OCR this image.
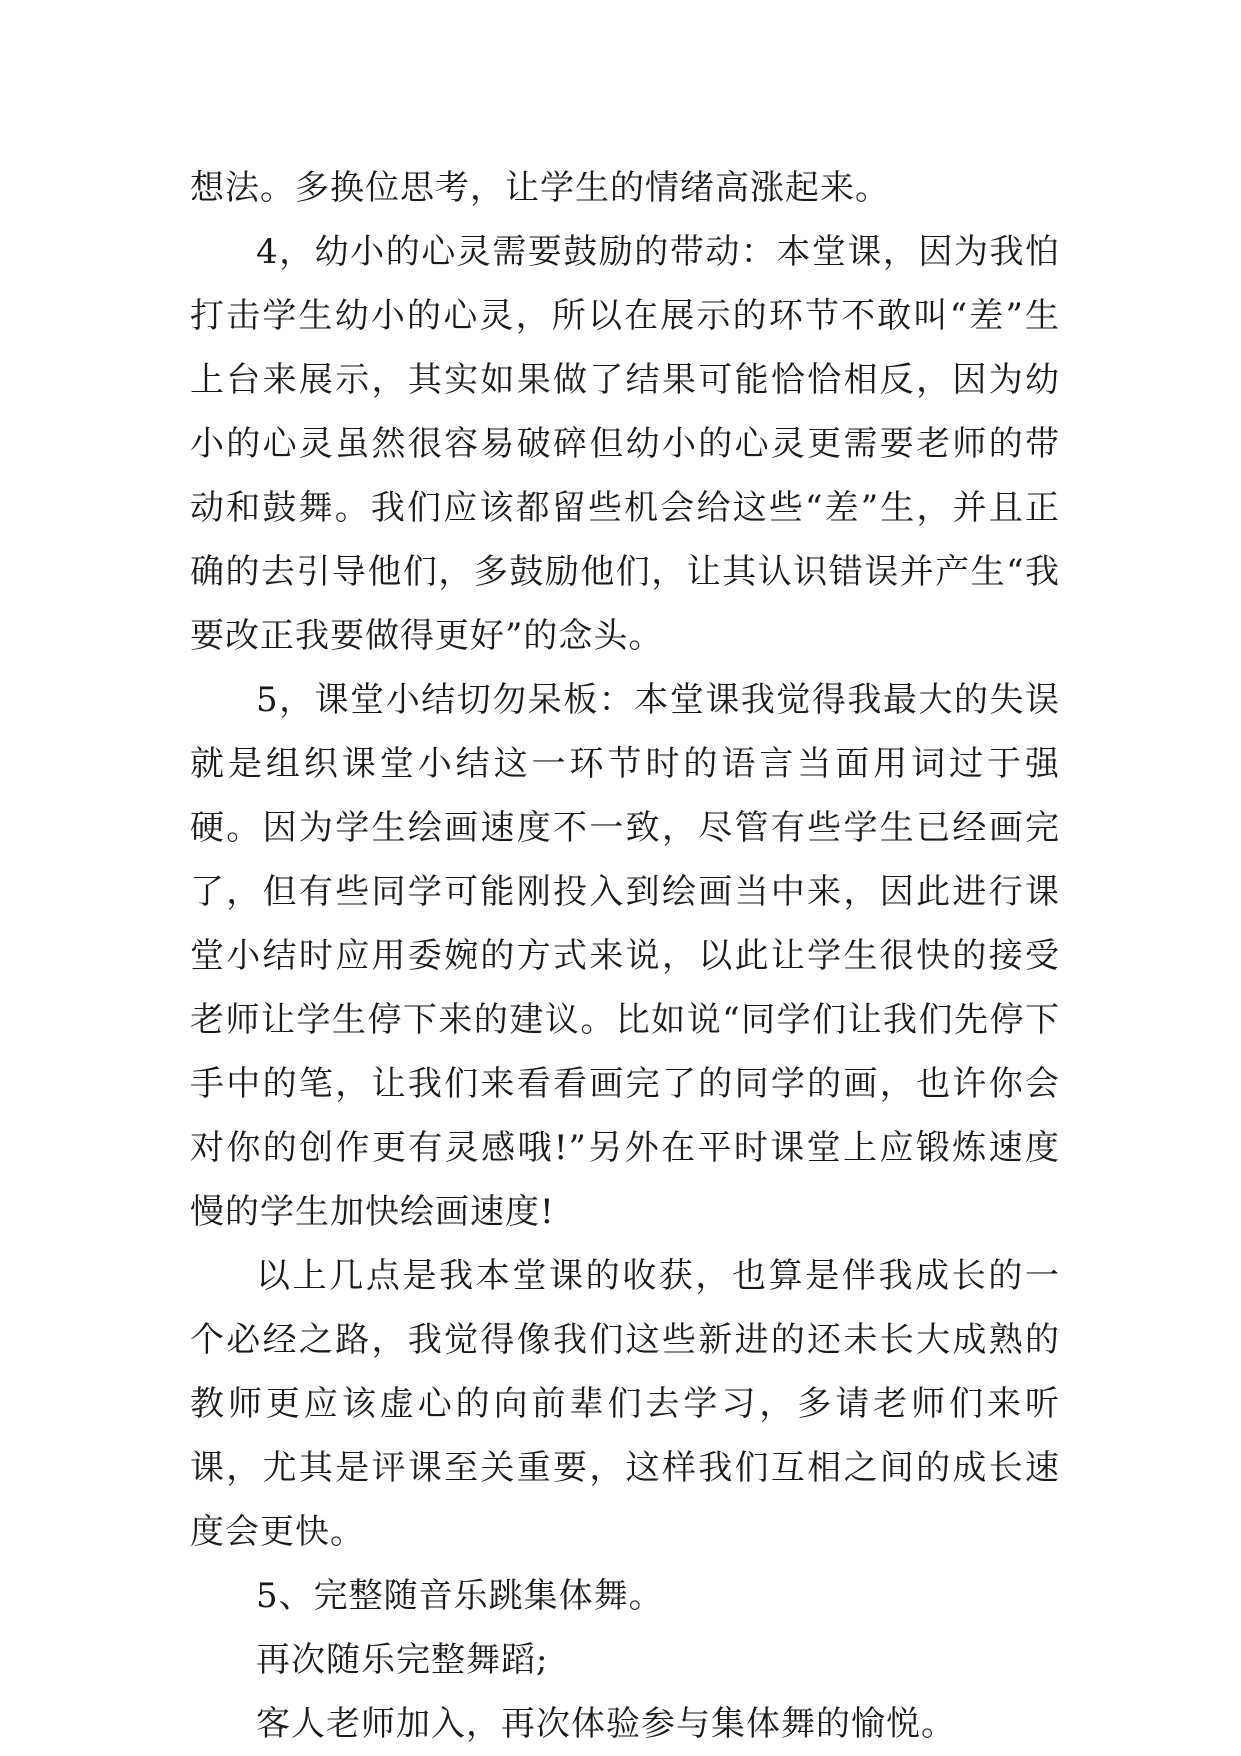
想法。多换位思考，让学生的情绪高涨起来。

4，幼小的心灵需要鼓励的带动：本堂课，因为我怕打击学生幼小的心灵，所以在展示的环节不敢叫“差”生上台来展示，其实如果做了结果可能恰恰相反，因为幼小的心灵虽然很容易破碎但幼小的心灵更需要老师的带动和鼓舞。我们应该都留些机会给这些“差”生，并且正确的去引导他们，多鼓励他们，让其认识错误并产生“我要改正我要做得更好”的念头。

5，课堂小结切勿呆板：本堂课我觉得我最大的失误就是组织课堂小结这一环节时的语言当面用词过于强硬。因为学生绘画速度不一致，尽管有些学生已经画完了，但有些同学可能刚投入到绘画当中来，因此进行课堂小结时应用委婉的方式来说，以此让学生很快的接受老师让学生停下来的建议。比如说“同学们让我们先停下手中的笔，让我们来看看画完了的同学的画，也许你会对你的创作更有灵感哦!”另外在平时课堂上应锻炼速度慢的学生加快绘画速度!

以上几点是我本堂课的收获，也算是伴我成长的一个必经之路，我觉得像我们这些新进的还未长大成熟的教师更应该虚心的向前辈们去学习，多请老师们来听课，尤其是评课至关重要，这样我们互相之间的成长速度会更快。

5、完整随音乐跳集体舞。

再次随乐完整舞蹈;

客人老师加入，再次体验参与集体舞的愉悦。
